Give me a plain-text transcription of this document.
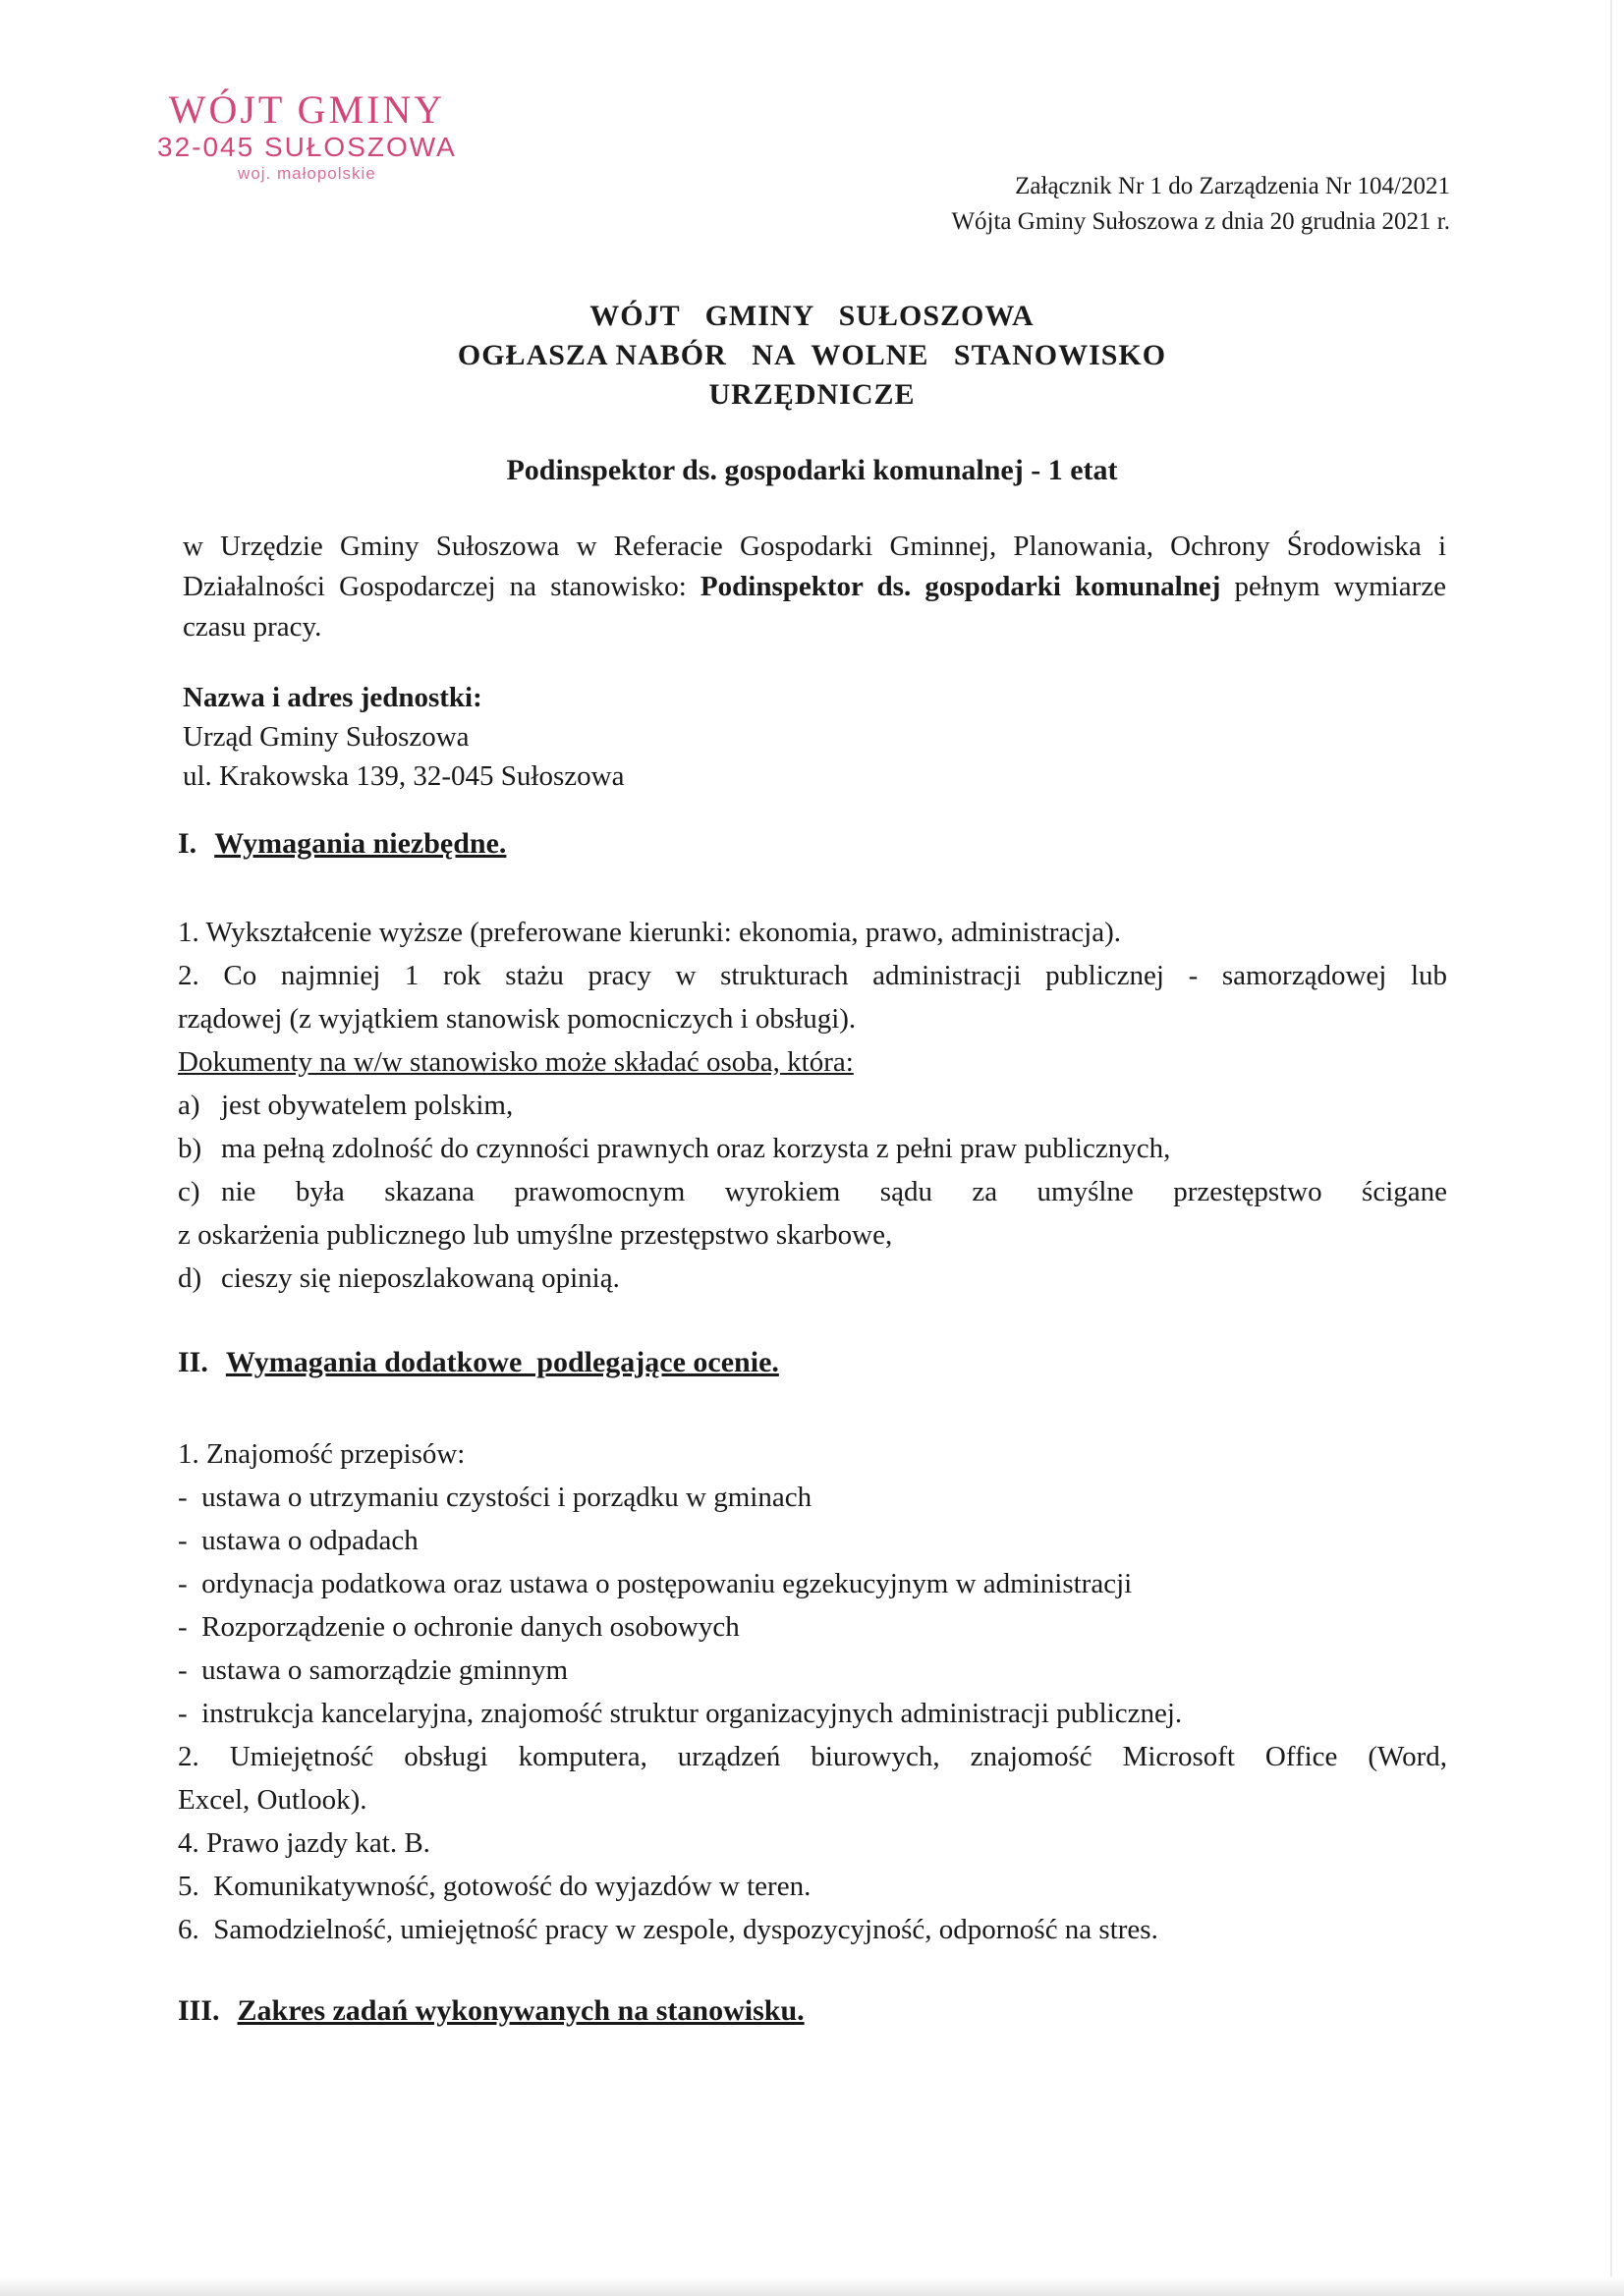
WÓJT GMINY
32-045 SUŁOSZOWA
woj. małopolskie	Załącznik Nr 1 do Zarządzenia Nr 104/2021
Wójta Gminy Sułoszowa z dnia 20 grudnia 2021 r.
WÓJT   GMINY   SUŁOSZOWA
OGŁASZA NABÓR   NA  WOLNE   STANOWISKO
URZĘDNICZE
Podinspektor ds. gospodarki komunalnej - 1 etat
w Urzędzie Gminy Sułoszowa w Referacie Gospodarki Gminnej, Planowania, Ochrony Środowiska i Działalności Gospodarczej na stanowisko: Podinspektor ds. gospodarki komunalnej pełnym wymiarze czasu pracy.
Nazwa i adres jednostki:
Urząd Gminy Sułoszowa
ul. Krakowska 139, 32-045 Sułoszowa
I. Wymagania niezbędne.
1. Wykształcenie wyższe (preferowane kierunki: ekonomia, prawo, administracja).
2. Co najmniej 1 rok stażu pracy w strukturach administracji publicznej - samorządowej lub
rządowej (z wyjątkiem stanowisk pomocniczych i obsługi).
Dokumenty na w/w stanowisko może składać osoba, która:
a) jest obywatelem polskim,
b) ma pełną zdolność do czynności prawnych oraz korzysta z pełni praw publicznych,
c) nie była skazana prawomocnym wyrokiem sądu za umyślne przestępstwo ścigane
z oskarżenia publicznego lub umyślne przestępstwo skarbowe,
d) cieszy się nieposzlakowaną opinią.
II. Wymagania dodatkowe  podlegające ocenie.
1. Znajomość przepisów:
-  ustawa o utrzymaniu czystości i porządku w gminach
-  ustawa o odpadach
-  ordynacja podatkowa oraz ustawa o postępowaniu egzekucyjnym w administracji
-  Rozporządzenie o ochronie danych osobowych
-  ustawa o samorządzie gminnym
-  instrukcja kancelaryjna, znajomość struktur organizacyjnych administracji publicznej.
2. Umiejętność obsługi komputera, urządzeń biurowych, znajomość Microsoft Office (Word,
Excel, Outlook).
4. Prawo jazdy kat. B.
5.  Komunikatywność, gotowość do wyjazdów w teren.
6.  Samodzielność, umiejętność pracy w zespole, dyspozycyjność, odporność na stres.
III. Zakres zadań wykonywanych na stanowisku.
